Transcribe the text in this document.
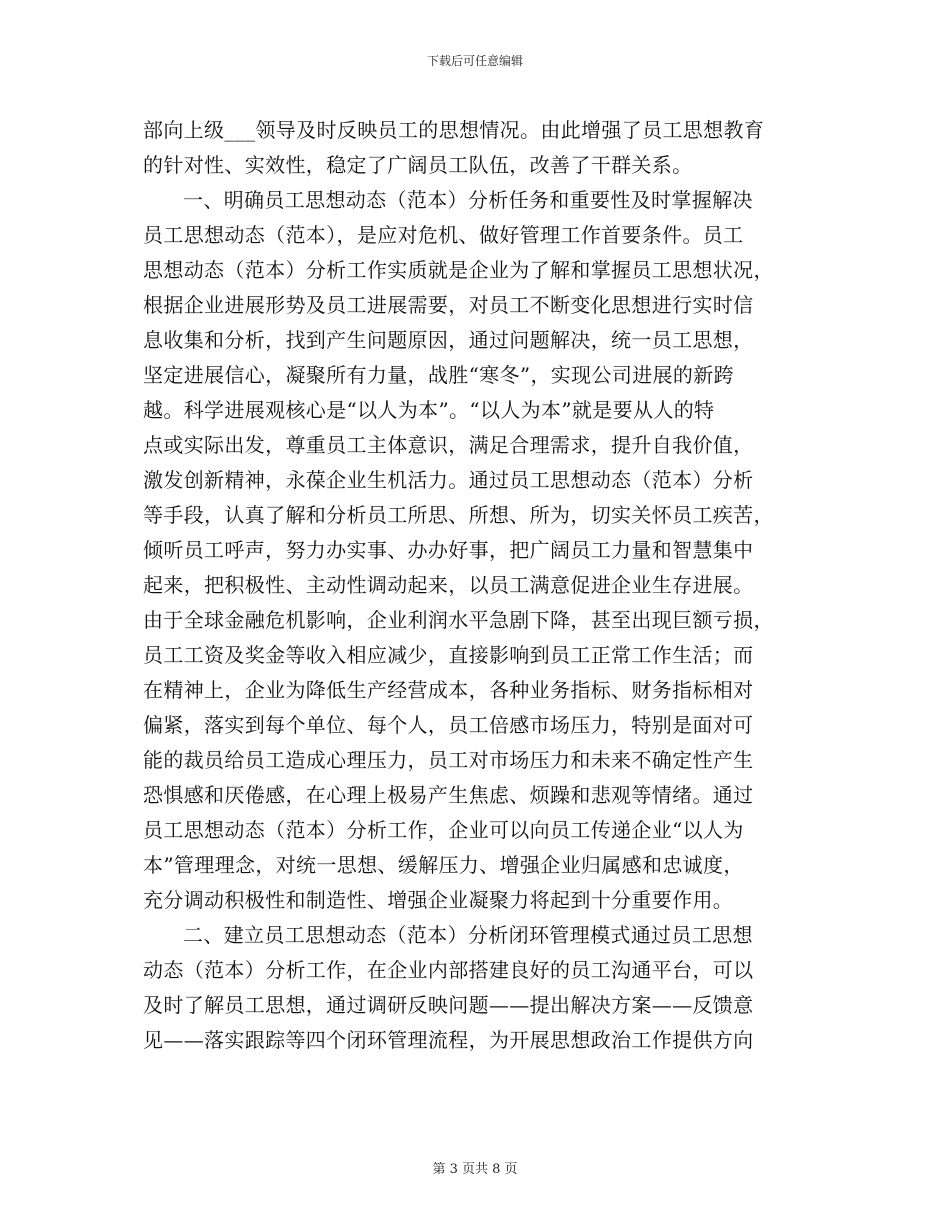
下载后可任意编辑
部向上级___领导及时反映员工的思想情况。由此增强了员工思想教育
的针对性、实效性，稳定了广阔员工队伍，改善了干群关系。
一、明确员工思想动态（范本）分析任务和重要性及时掌握解决
员工思想动态（范本），是应对危机、做好管理工作首要条件。员工
思想动态（范本）分析工作实质就是企业为了解和掌握员工思想状况，
根据企业进展形势及员工进展需要，对员工不断变化思想进行实时信
息收集和分析，找到产生问题原因，通过问题解决，统一员工思想，
坚定进展信心，凝聚所有力量，战胜“寒冬”，实现公司进展的新跨
越。科学进展观核心是“以人为本”。“以人为本”就是要从人的特
点或实际出发，尊重员工主体意识，满足合理需求，提升自我价值，
激发创新精神，永葆企业生机活力。通过员工思想动态（范本）分析
等手段，认真了解和分析员工所思、所想、所为，切实关怀员工疾苦，
倾听员工呼声，努力办实事、办办好事，把广阔员工力量和智慧集中
起来，把积极性、主动性调动起来，以员工满意促进企业生存进展。
由于全球金融危机影响，企业利润水平急剧下降，甚至出现巨额亏损，
员工工资及奖金等收入相应减少，直接影响到员工正常工作生活；而
在精神上，企业为降低生产经营成本，各种业务指标、财务指标相对
偏紧，落实到每个单位、每个人，员工倍感市场压力，特别是面对可
能的裁员给员工造成心理压力，员工对市场压力和未来不确定性产生
恐惧感和厌倦感，在心理上极易产生焦虑、烦躁和悲观等情绪。通过
员工思想动态（范本）分析工作，企业可以向员工传递企业“以人为
本”管理理念，对统一思想、缓解压力、增强企业归属感和忠诚度，
充分调动积极性和制造性、增强企业凝聚力将起到十分重要作用。
二、建立员工思想动态（范本）分析闭环管理模式通过员工思想
动态（范本）分析工作，在企业内部搭建良好的员工沟通平台，可以
及时了解员工思想，通过调研反映问题——提出解决方案——反馈意
见——落实跟踪等四个闭环管理流程，为开展思想政治工作提供方向
第 3 页共 8 页
